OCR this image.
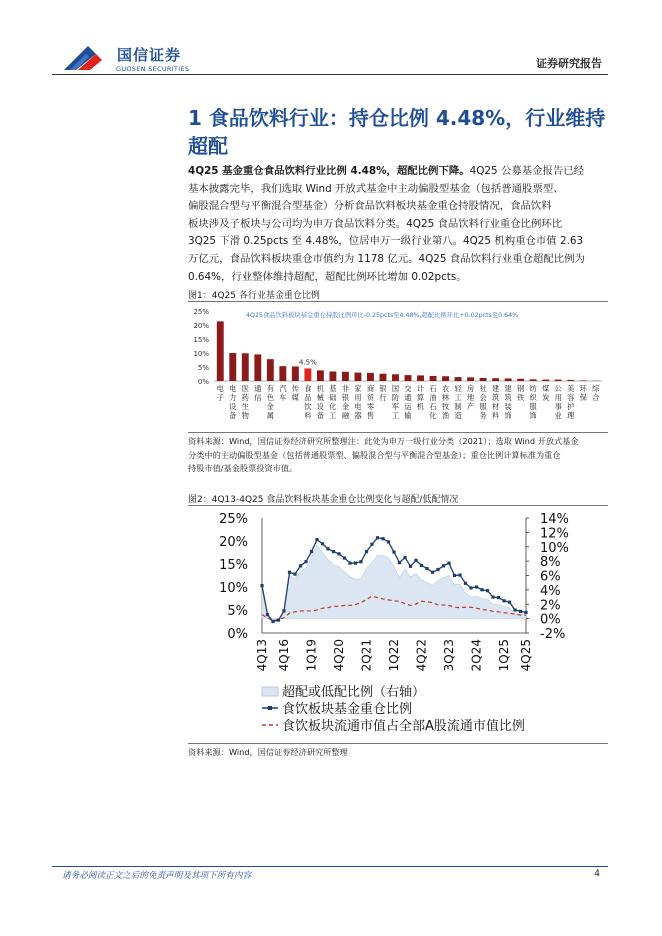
国信证券
GUOSEN SECURITIES	证券研究报告
1 食品饮料行业：持仓比例 4.48%，行业维持
超配
4Q25 基金重仓食品饮料行业比例 4.48%，超配比例下降。4Q25 公募基金报告已经
基本披露完毕，我们选取 Wind 开放式基金中主动偏股型基金（包括普通股票型、
偏股混合型与平衡混合型基金）分析食品饮料板块基金重仓持股情况，食品饮料
板块涉及子板块与公司均为申万食品饮料分类。4Q25 食品饮料行业重仓比例环比
3Q25 下滑 0.25pcts 至 4.48%，位居申万一级行业第八。4Q25 机构重仓市值 2.63
万亿元，食品饮料板块重仓市值约为 1178 亿元。4Q25 食品饮料行业重仓超配比例为
0.64%，行业整体维持超配，超配比例环比增加 0.02pcts。
图1：4Q25 各行业基金重仓比例
0%
5%
10%
15%
20%
25%	4Q25食品饮料板块基金重仓持股比例环比-0.25pcts至4.48%,超配比例环比+0.02pcts至0.64%
电子
电力设备
医药生物
通信
有色金属
汽车
传媒
4.5%
食品饮料
机械设备
基础化工
非银金融
家用电器
商贸零售
银行
国防军工
交通运输
计算机
石油石化
农林牧渔
轻工制造
房地产
社会服务
建筑材料
建筑装饰
钢铁
纺织服饰
煤炭
公用事业
美容护理
环保
综合
资料来源：Wind，国信证券经济研究所整理注：此处为申万一级行业分类（2021）；选取 Wind 开放式基金
分类中的主动偏股型基金（包括普通股票型、偏股混合型与平衡混合型基金）；重仓比例计算标准为重仓
持股市值/基金股票投资市值。
图2：4Q13-4Q25 食品饮料板块基金重仓比例变化与超配/低配情况
0%
5%
10%
15%
20%
25%
-2%
0%
2%
4%
6%
8%
10%
12%
14%
4Q13 4Q16 1Q19 4Q20 2Q21 1Q22 4Q22 3Q23 2Q24 1Q25 4Q25
超配或低配比例（右轴）
食饮板块基金重仓比例
食饮板块流通市值占全部A股流通市值比例
资料来源：Wind，国信证券经济研究所整理
请务必阅读正文之后的免责声明及其项下所有内容	4
